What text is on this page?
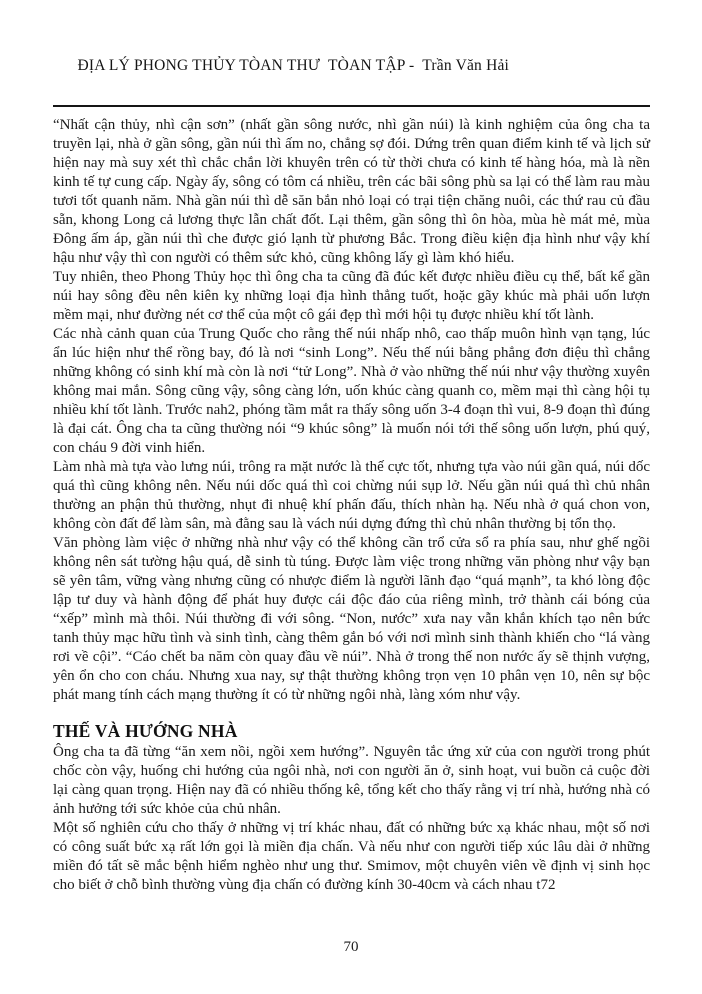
ĐỊA LÝ PHONG THỦY TÒAN THƯ  TÒAN TẬP -  Trần Văn Hải

“Nhất cận thủy, nhì cận sơn” (nhất gần sông nước, nhì gần núi) là kinh nghiệm của ông cha ta truyền lại, nhà ở gần sông, gần núi thì ấm no, chẳng sợ đói. Dứng trên quan điểm kinh tế và lịch sử hiện nay mà suy xét thì chắc chắn lời khuyên trên có từ thời chưa có kinh tế hàng hóa, mà là nền kinh tế tự cung cấp. Ngày ấy, sông có tôm cá nhiều, trên các bãi sông phù sa lại có thể làm rau màu tươi tốt quanh năm. Nhà gần núi thì dễ săn bắn nhỏ loại có trại tiện chăng nuôi, các thứ rau củ đầu sẵn, khong Long cả lương thực lẫn chất đốt. Lại thêm, gần sông thì ôn hòa, mùa hè mát mẻ, mùa Đông ấm áp, gần núi thì che được gió lạnh từ phương Bắc. Trong điều kiện địa hình như vậy khí hậu như vậy thì con người có thêm sức khỏ, cũng không lấy gì làm khó hiểu.

Tuy nhiên, theo Phong Thủy học thì ông cha ta cũng đã đúc kết được nhiều điều cụ thể, bất kể gần núi hay sông đều nên kiên kỵ những loại địa hình thẳng tuốt, hoặc gãy khúc mà phải uốn lượn mềm mại, như đường nét cơ thể của một cô gái đẹp thì mới hội tụ được nhiều khí tốt lành.

Các nhà cảnh quan của Trung Quốc cho rằng thế núi nhấp nhô, cao thấp muôn hình vạn tạng, lúc ẩn lúc hiện như thể rồng bay, đó là nơi “sinh Long”. Nếu thế núi bằng phẳng đơn điệu thì chẳng những không có sinh khí mà còn là nơi “tử Long”. Nhà ở vào những thế núi như vậy thường xuyên không mai mắn. Sông cũng vậy, sông càng lớn, uốn khúc càng quanh co, mềm mại thì càng hội tụ nhiều khí tốt lành. Trước nah2, phóng tầm mắt ra thấy sông uốn 3-4 đoạn thì vui, 8-9 đoạn thì đúng là đại cát. Ông cha ta cũng thường nói “9 khúc sông” là muốn nói tới thế sông uốn lượn, phú quý, con cháu 9 đời vinh hiển.

Làm nhà mà tựa vào lưng núi, trông ra mặt nước là thế cực tốt, nhưng tựa vào núi gần quá, núi dốc quá thì cũng không nên. Nếu núi dốc quá thì coi chừng núi sụp lở. Nếu gần núi quá thì chủ nhân thường an phận thủ thường, nhụt đi nhuệ khí phấn đấu, thích nhàn hạ. Nếu nhà ở quá chon von, không còn đất để làm sân, mà đằng sau là vách núi dựng đứng thì chủ nhân thường bị tổn thọ.

Văn phòng làm việc ở những nhà như vậy có thể không cần trổ cửa sổ ra phía sau, như ghế ngồi không nên sát tường hậu quá, dễ sinh tù túng. Được làm việc trong những văn phòng như vậy bạn sẽ yên tâm, vững vàng nhưng cũng có nhược điểm là người lãnh đạo “quá mạnh”, ta khó lòng độc lập tư duy và hành động để phát huy được cái độc đáo của riêng mình, trở thành cái bóng của “xếp” mình mà thôi. Núi thường đi với sông. “Non, nước” xưa nay vẫn khắn khích tạo nên bức tanh thủy mạc hữu tình và sinh tình, càng thêm gắn bó với nơi mình sinh thành khiến cho “lá vàng rơi về cội”. “Cáo chết ba năm còn quay đầu về núi”. Nhà ở trong thế non nước ấy sẽ thịnh vượng, yên ổn cho con cháu. Nhưng xua nay, sự thật thường không trọn vẹn 10 phân vẹn 10, nên sự bộc phát mang tính cách mạng thường ít có từ những ngôi nhà, làng xóm như vậy.

THẾ VÀ HƯỚNG NHÀ

Ông cha ta đã từng “ăn xem nồi, ngồi xem hướng”. Nguyên tắc ứng xử của con người trong phút chốc còn vậy, huống chi hướng của ngôi nhà, nơi con người ăn ở, sinh hoạt, vui buồn cả cuộc đời lại càng quan trọng. Hiện nay đã có nhiều thống kê, tổng kết cho thấy rằng vị trí nhà, hướng nhà có ảnh hưởng tới sức khỏe của chủ nhân.

Một số nghiên cứu cho thấy ở những vị trí khác nhau, đất có những bức xạ khác nhau, một số nơi có công suất bức xạ rất lớn gọi là miền địa chấn. Và nếu như con người tiếp xúc lâu dài ở những miền đó tất sẽ mắc bệnh hiểm nghèo như ung thư. Smimov, một chuyên viên về định vị sinh học cho biết ở chỗ bình thường vùng địa chấn có đường kính 30-40cm và cách nhau t72

70
